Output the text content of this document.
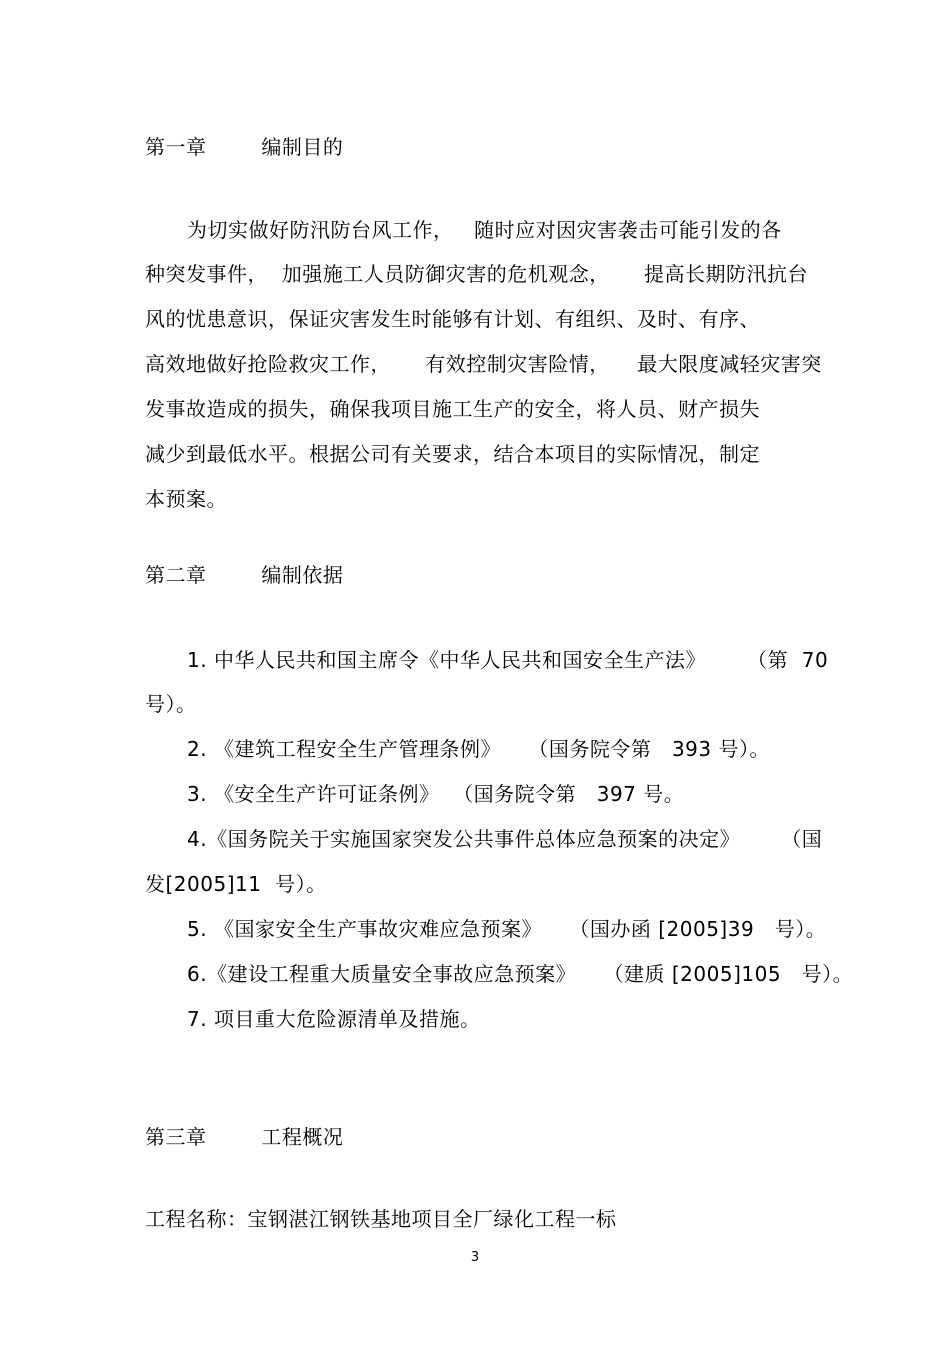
第一章        编制目的
为切实做好防汛防台风工作，   随时应对因灾害袭击可能引发的各
种突发事件，  加强施工人员防御灾害的危机观念，     提高长期防汛抗台
风的忧患意识，保证灾害发生时能够有计划、有组织、及时、有序、
高效地做好抢险救灾工作，     有效控制灾害险情，    最大限度减轻灾害突
发事故造成的损失，确保我项目施工生产的安全，将人员、财产损失
减少到最低水平。根据公司有关要求，结合本项目的实际情况，制定
本预案。
第二章        编制依据
1. 中华人民共和国主席令《中华人民共和国安全生产法》      （第  70
号）。
2. 《建筑工程安全生产管理条例》    （国务院令第   393 号）。
3. 《安全生产许可证条例》  （国务院令第   397 号。
4.《国务院关于实施国家突发公共事件总体应急预案的决定》      （国
发[2005]11  号）。
5. 《国家安全生产事故灾难应急预案》    （国办函 [2005]39   号）。
6.《建设工程重大质量安全事故应急预案》    （建质 [2005]105   号）。
7. 项目重大危险源清单及措施。
第三章        工程概况
工程名称：宝钢湛江钢铁基地项目全厂绿化工程一标
3
